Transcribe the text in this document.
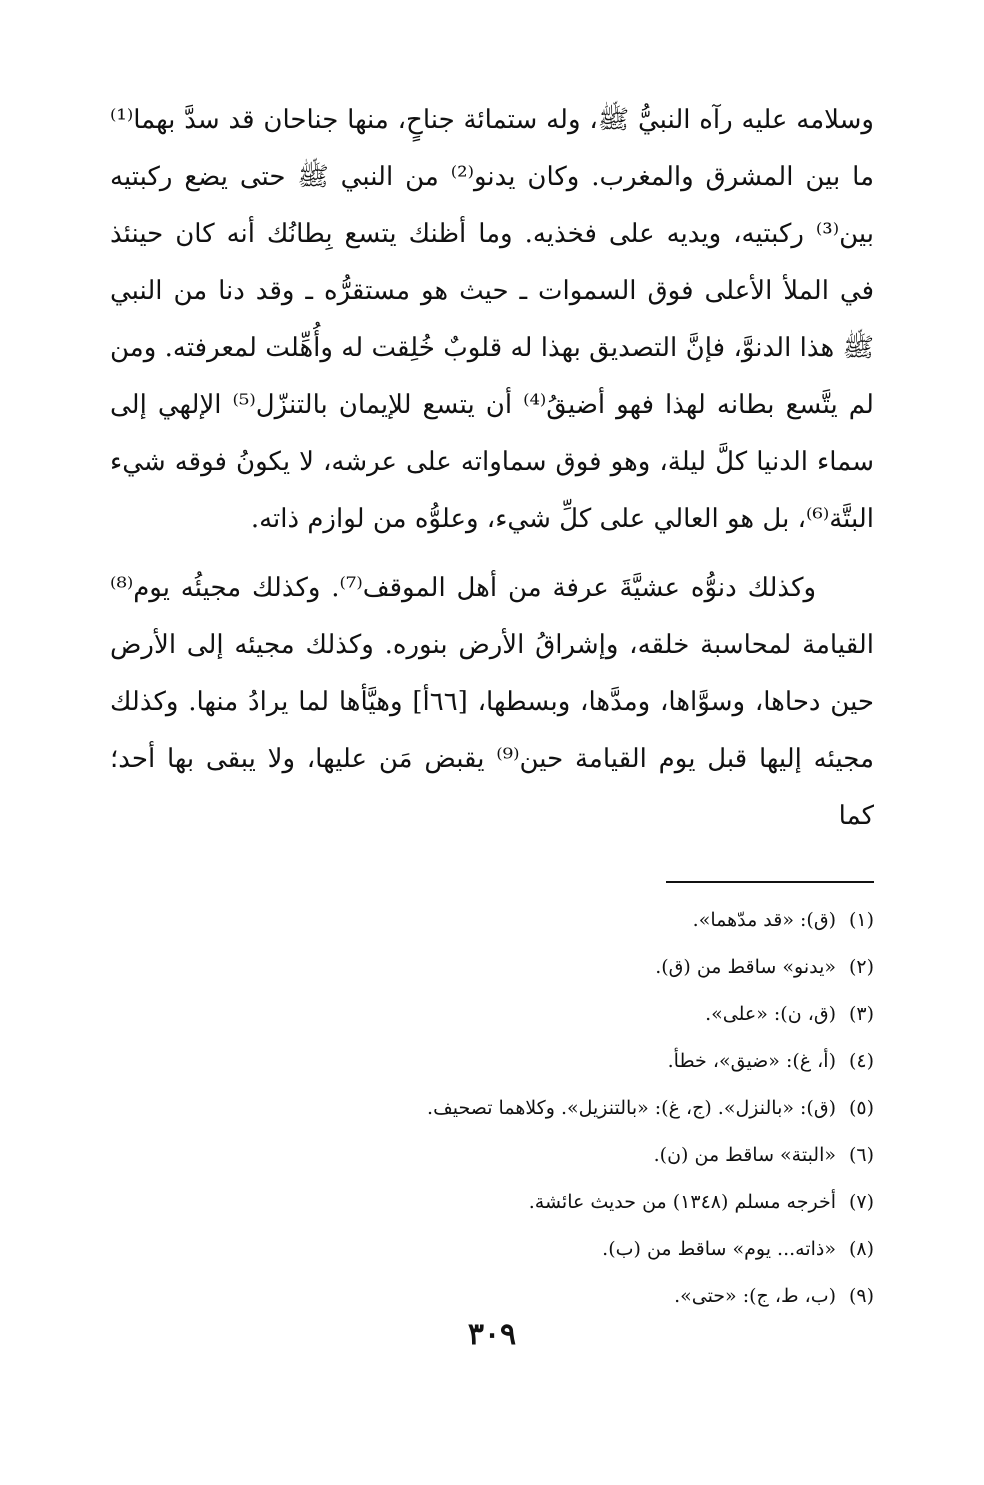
وسلامه عليه رآه النبيُّ ﷺ، وله ستمائة جناحٍ، منها جناحان قد سدَّ بهما⁽¹⁾ ما بين المشرق والمغرب. وكان يدنو⁽²⁾ من النبي ﷺ حتى يضع ركبتيه بين⁽³⁾ ركبتيه، ويديه على فخذيه. وما أظنك يتسع بِطانُك أنه كان حينئذ في الملأ الأعلى فوق السموات ـ حيث هو مستقرُّه ـ وقد دنا من النبي ﷺ هذا الدنوَّ، فإنَّ التصديق بهذا له قلوبٌ خُلِقت له وأُهِّلت لمعرفته. ومن لم يتَّسع بطانه لهذا فهو أضيقُ⁽⁴⁾ أن يتسع للإيمان بالتنزّل⁽⁵⁾ الإلهي إلى سماء الدنيا كلَّ ليلة، وهو فوق سماواته على عرشه، لا يكونُ فوقه شيء البتَّة⁽⁶⁾، بل هو العالي على كلِّ شيء، وعلوُّه من لوازم ذاته.

وكذلك دنوُّه عشيَّةَ عرفة من أهل الموقف⁽⁷⁾. وكذلك مجيئُه يوم⁽⁸⁾ القيامة لمحاسبة خلقه، وإشراقُ الأرض بنوره. وكذلك مجيئه إلى الأرض حين دحاها، وسوَّاها، ومدَّها، وبسطها، [٦٦أ] وهيَّأها لما يرادُ منها. وكذلك مجيئه إليها قبل يوم القيامة حين⁽⁹⁾ يقبض مَن عليها، ولا يبقى بها أحد؛ كما

(١)(ق): «قد مدّهما».
(٢)«يدنو» ساقط من (ق).
(٣)(ق، ن): «على».
(٤)(أ، غ): «ضيق»، خطأ.
(٥)(ق): «بالنزل». (ج، غ): «بالتنزيل». وكلاهما تصحيف.
(٦)«البتة» ساقط من (ن).
(٧)أخرجه مسلم (١٣٤٨) من حديث عائشة.
(٨)«ذاته... يوم» ساقط من (ب).
(٩)(ب، ط، ج): «حتى».
٣٠٩
